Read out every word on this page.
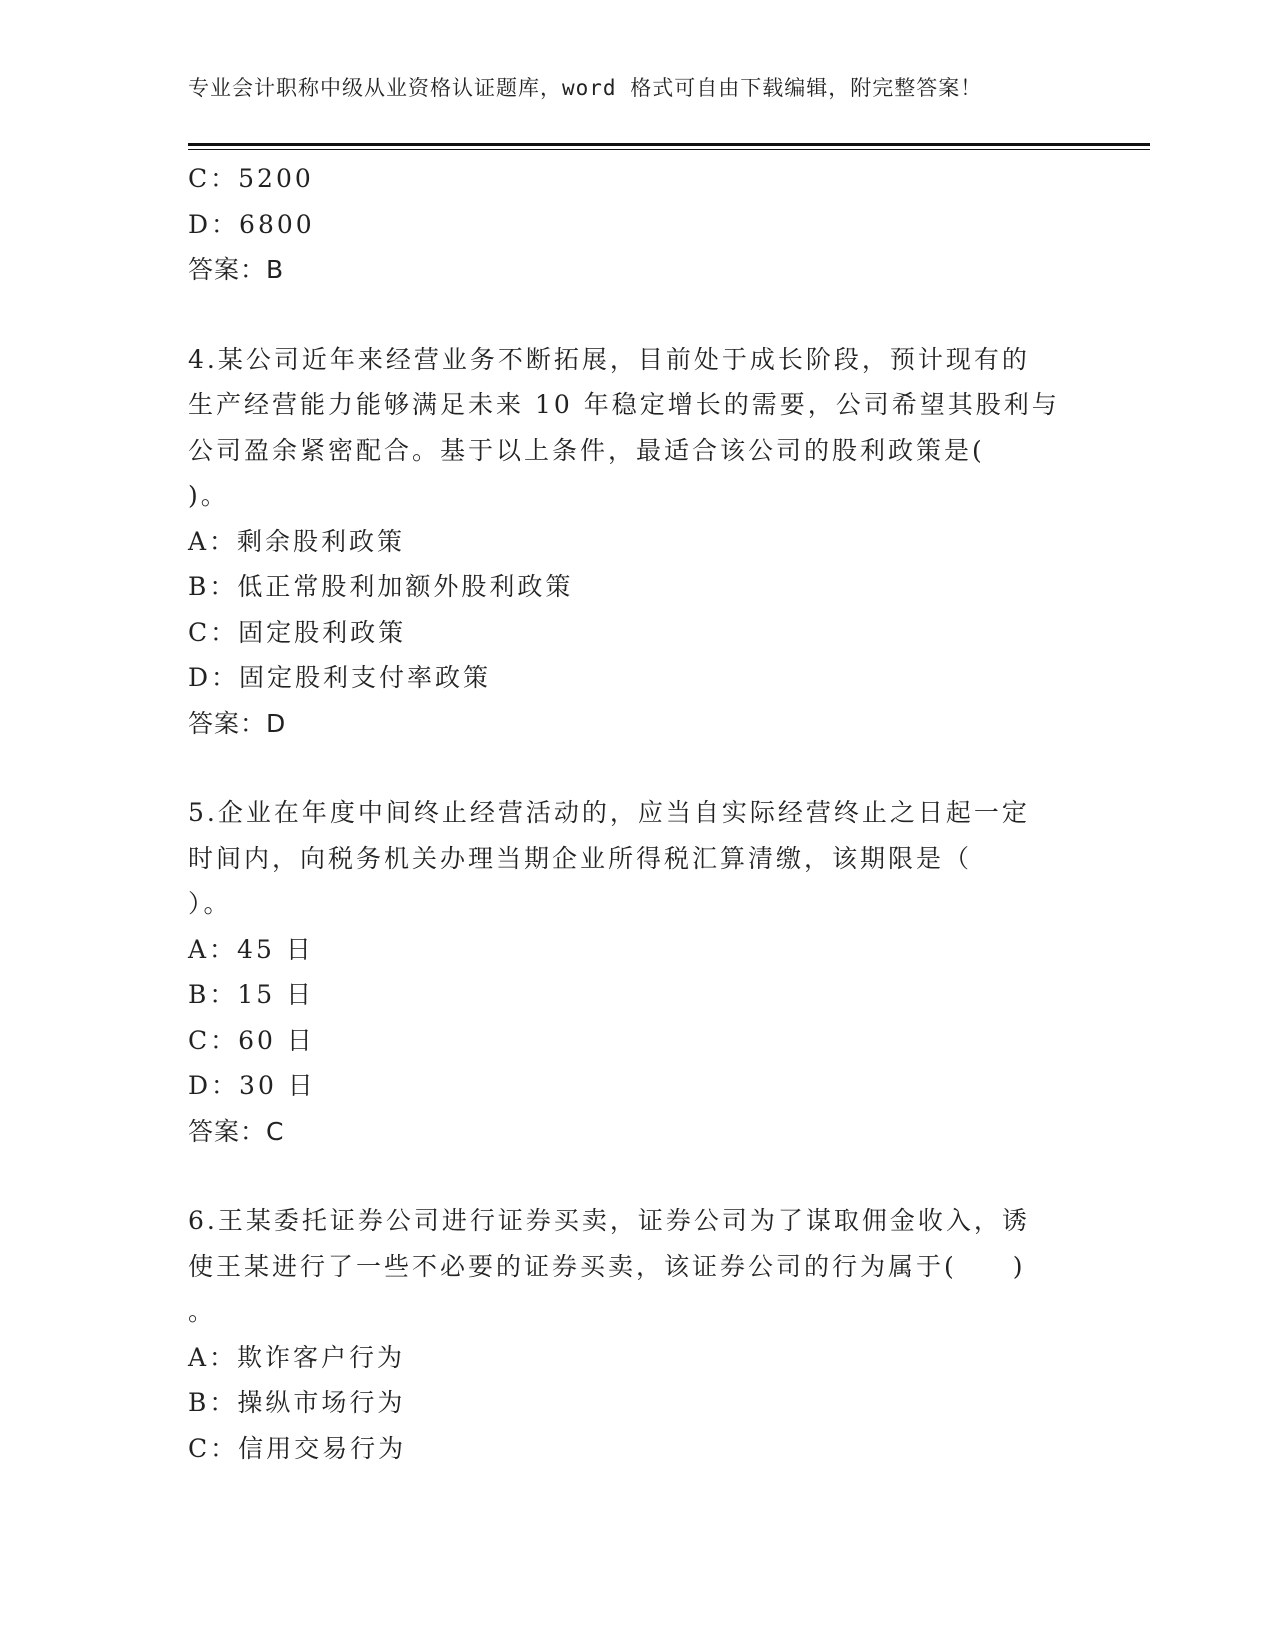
专业会计职称中级从业资格认证题库，word 格式可自由下载编辑，附完整答案！
C：5200
D：6800
答案：B
4.某公司近年来经营业务不断拓展，目前处于成长阶段，预计现有的
生产经营能力能够满足未来 10 年稳定增长的需要，公司希望其股利与
公司盈余紧密配合。基于以上条件，最适合该公司的股利政策是(
)。
A：剩余股利政策
B：低正常股利加额外股利政策
C：固定股利政策
D：固定股利支付率政策
答案：D
5.企业在年度中间终止经营活动的，应当自实际经营终止之日起一定
时间内，向税务机关办理当期企业所得税汇算清缴，该期限是（
）。
A：45 日
B：15 日
C：60 日
D：30 日
答案：C
6.王某委托证券公司进行证券买卖，证券公司为了谋取佣金收入，诱
使王某进行了一些不必要的证券买卖，该证券公司的行为属于(　　)
。
A：欺诈客户行为
B：操纵市场行为
C：信用交易行为
